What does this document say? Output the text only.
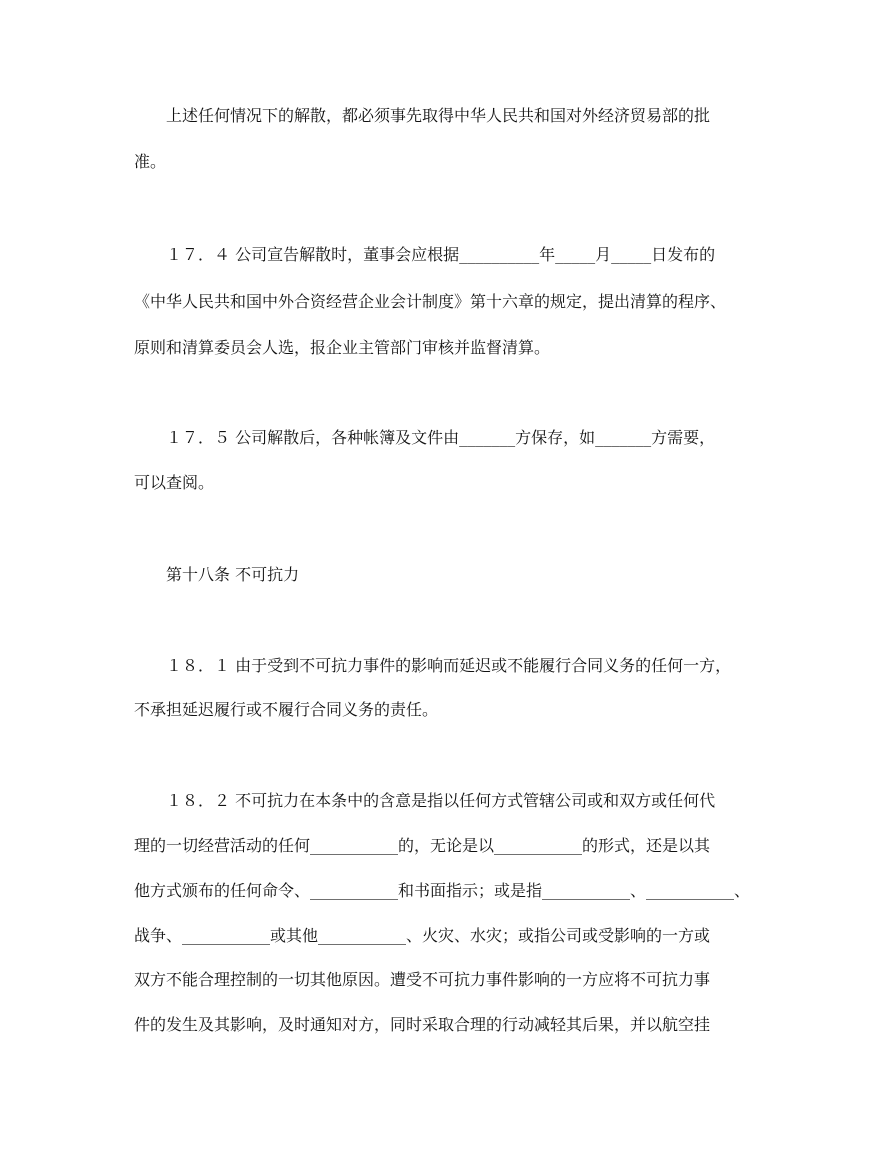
上述任何情况下的解散，都必须事先取得中华人民共和国对外经济贸易部的批
准。
１７．４ 公司宣告解散时，董事会应根据__________年_____月_____日发布的
《中华人民共和国中外合资经营企业会计制度》第十六章的规定，提出清算的程序、
原则和清算委员会人选，报企业主管部门审核并监督清算。
１７．５ 公司解散后，各种帐簿及文件由_______方保存，如_______方需要，
可以查阅。
第十八条 不可抗力
１８．１ 由于受到不可抗力事件的影响而延迟或不能履行合同义务的任何一方，
不承担延迟履行或不履行合同义务的责任。
１８．２ 不可抗力在本条中的含意是指以任何方式管辖公司或和双方或任何代
理的一切经营活动的任何___________的，无论是以___________的形式，还是以其
他方式颁布的任何命令、___________和书面指示；或是指___________、___________、
战争、___________或其他___________、火灾、水灾；或指公司或受影响的一方或
双方不能合理控制的一切其他原因。遭受不可抗力事件影响的一方应将不可抗力事
件的发生及其影响，及时通知对方，同时采取合理的行动减轻其后果，并以航空挂
